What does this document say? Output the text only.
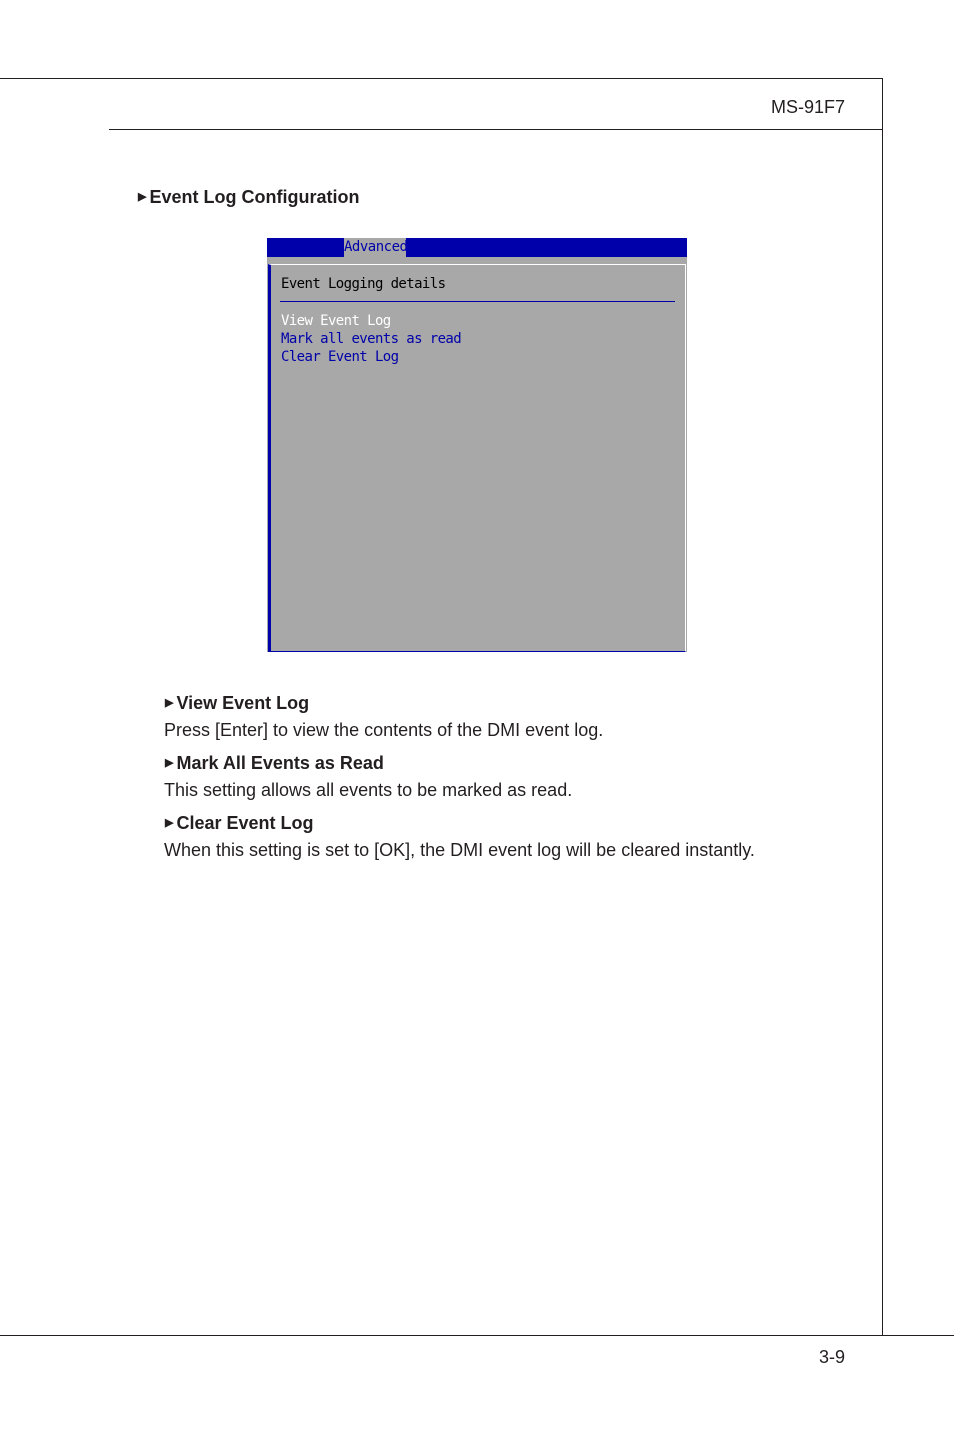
MS-91F7
▶ Event Log Configuration
Advanced
Event Logging details
View Event Log
Mark all events as read
Clear Event Log
▶ View Event Log
Press [Enter] to view the contents of the DMI event log.
▶ Mark All Events as Read
This setting allows all events to be marked as read.
▶ Clear Event Log
When this setting is set to [OK], the DMI event log will be cleared instantly.
3-9
